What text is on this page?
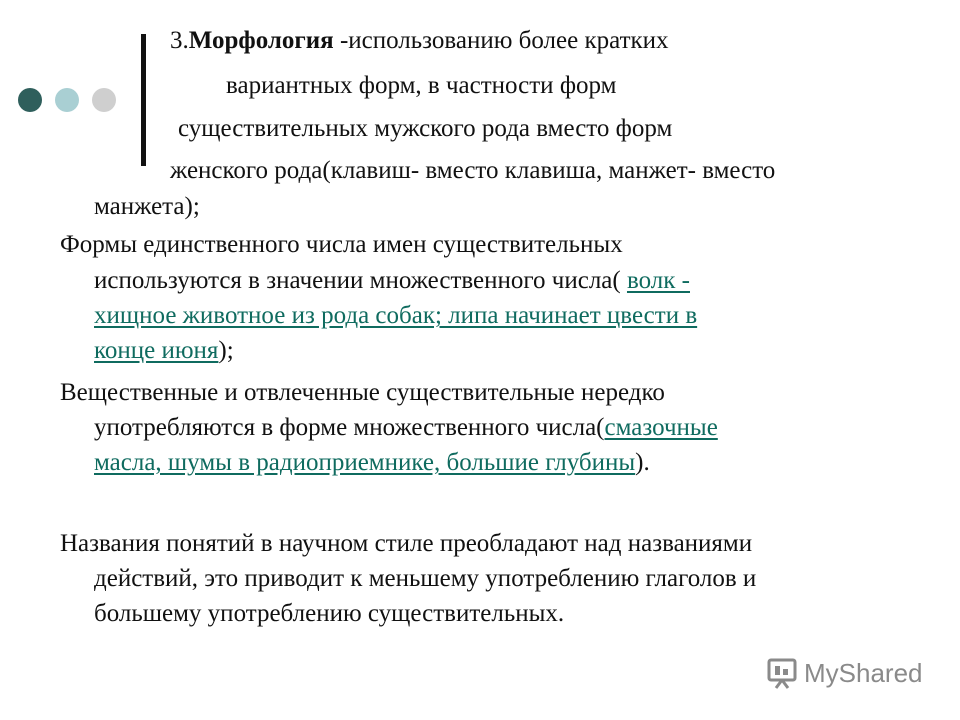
3.Морфология -использованию более кратких
вариантных форм, в частности форм
существительных мужского рода вместо форм
женского рода(клавиш- вместо клавиша, манжет- вместо
манжета);
Формы единственного числа имен существительных
используются в значении множественного числа( волк -
хищное животное из рода собак; липа начинает цвести в
конце июня);
Вещественные и отвлеченные существительные нередко
употребляются в форме множественного числа(смазочные
масла, шумы в радиоприемнике, большие глубины).
Названия понятий в научном стиле преобладают над названиями
действий, это приводит к меньшему употреблению глаголов и
большему употреблению существительных.
MyShared
